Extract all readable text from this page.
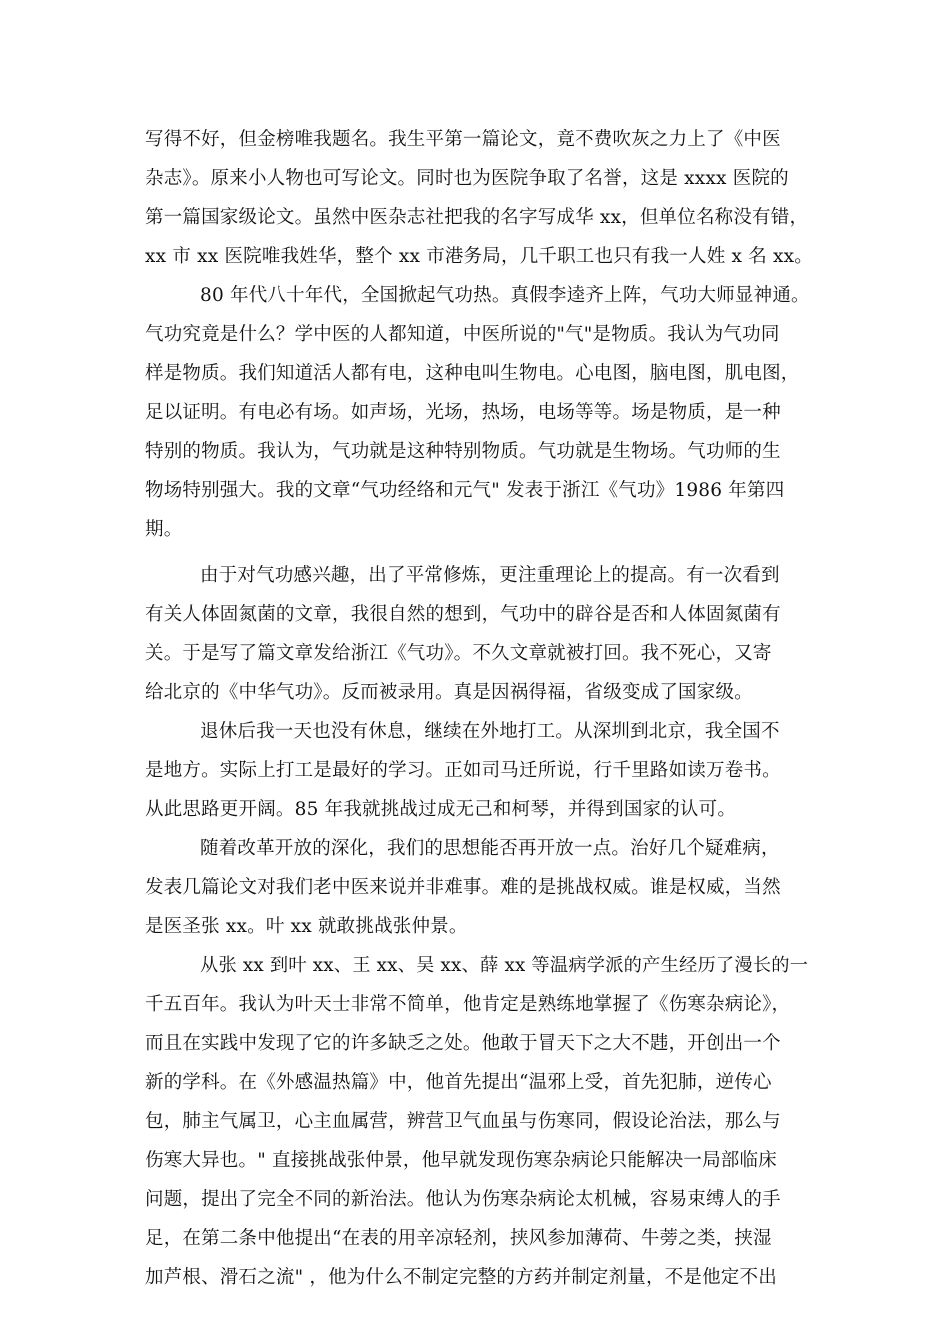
写得不好，但金榜唯我题名。我生平第一篇论文，竟不费吹灰之力上了《中医
杂志》。原来小人物也可写论文。同时也为医院争取了名誉，这是 xxxx 医院的
第一篇国家级论文。虽然中医杂志社把我的名字写成华 xx，但单位名称没有错，
xx 市 xx 医院唯我姓华，整个 xx 市港务局，几千职工也只有我一人姓 x 名 xx。
80 年代八十年代，全国掀起气功热。真假李逵齐上阵，气功大师显神通。
气功究竟是什么？学中医的人都知道，中医所说的"气"是物质。我认为气功同
样是物质。我们知道活人都有电，这种电叫生物电。心电图，脑电图，肌电图，
足以证明。有电必有场。如声场，光场，热场，电场等等。场是物质，是一种
特别的物质。我认为，气功就是这种特别物质。气功就是生物场。气功师的生
物场特别强大。我的文章“气功经络和元气" 发表于浙江《气功》1986 年第四
期。
由于对气功感兴趣，出了平常修炼，更注重理论上的提高。有一次看到
有关人体固氮菌的文章，我很自然的想到，气功中的辟谷是否和人体固氮菌有
关。于是写了篇文章发给浙江《气功》。不久文章就被打回。我不死心，又寄
给北京的《中华气功》。反而被录用。真是因祸得福，省级变成了国家级。
退休后我一天也没有休息，继续在外地打工。从深圳到北京，我全国不
是地方。实际上打工是最好的学习。正如司马迁所说，行千里路如读万卷书。
从此思路更开阔。85 年我就挑战过成无己和柯琴，并得到国家的认可。
随着改革开放的深化，我们的思想能否再开放一点。治好几个疑难病，
发表几篇论文对我们老中医来说并非难事。难的是挑战权威。谁是权威，当然
是医圣张 xx。叶 xx 就敢挑战张仲景。
从张 xx 到叶 xx、王 xx、吴 xx、薛 xx 等温病学派的产生经历了漫长的一
千五百年。我认为叶天士非常不简单，他肯定是熟练地掌握了《伤寒杂病论》，
而且在实践中发现了它的许多缺乏之处。他敢于冒天下之大不韪，开创出一个
新的学科。在《外感温热篇》中，他首先提出“温邪上受，首先犯肺，逆传心
包，肺主气属卫，心主血属营，辨营卫气血虽与伤寒同，假设论治法，那么与
伤寒大异也。" 直接挑战张仲景，他早就发现伤寒杂病论只能解决一局部临床
问题，提出了完全不同的新治法。他认为伤寒杂病论太机械，容易束缚人的手
足，在第二条中他提出“在表的用辛凉轻剂，挟风参加薄荷、牛蒡之类，挟湿
加芦根、滑石之流" ，他为什么不制定完整的方药并制定剂量，不是他定不出
